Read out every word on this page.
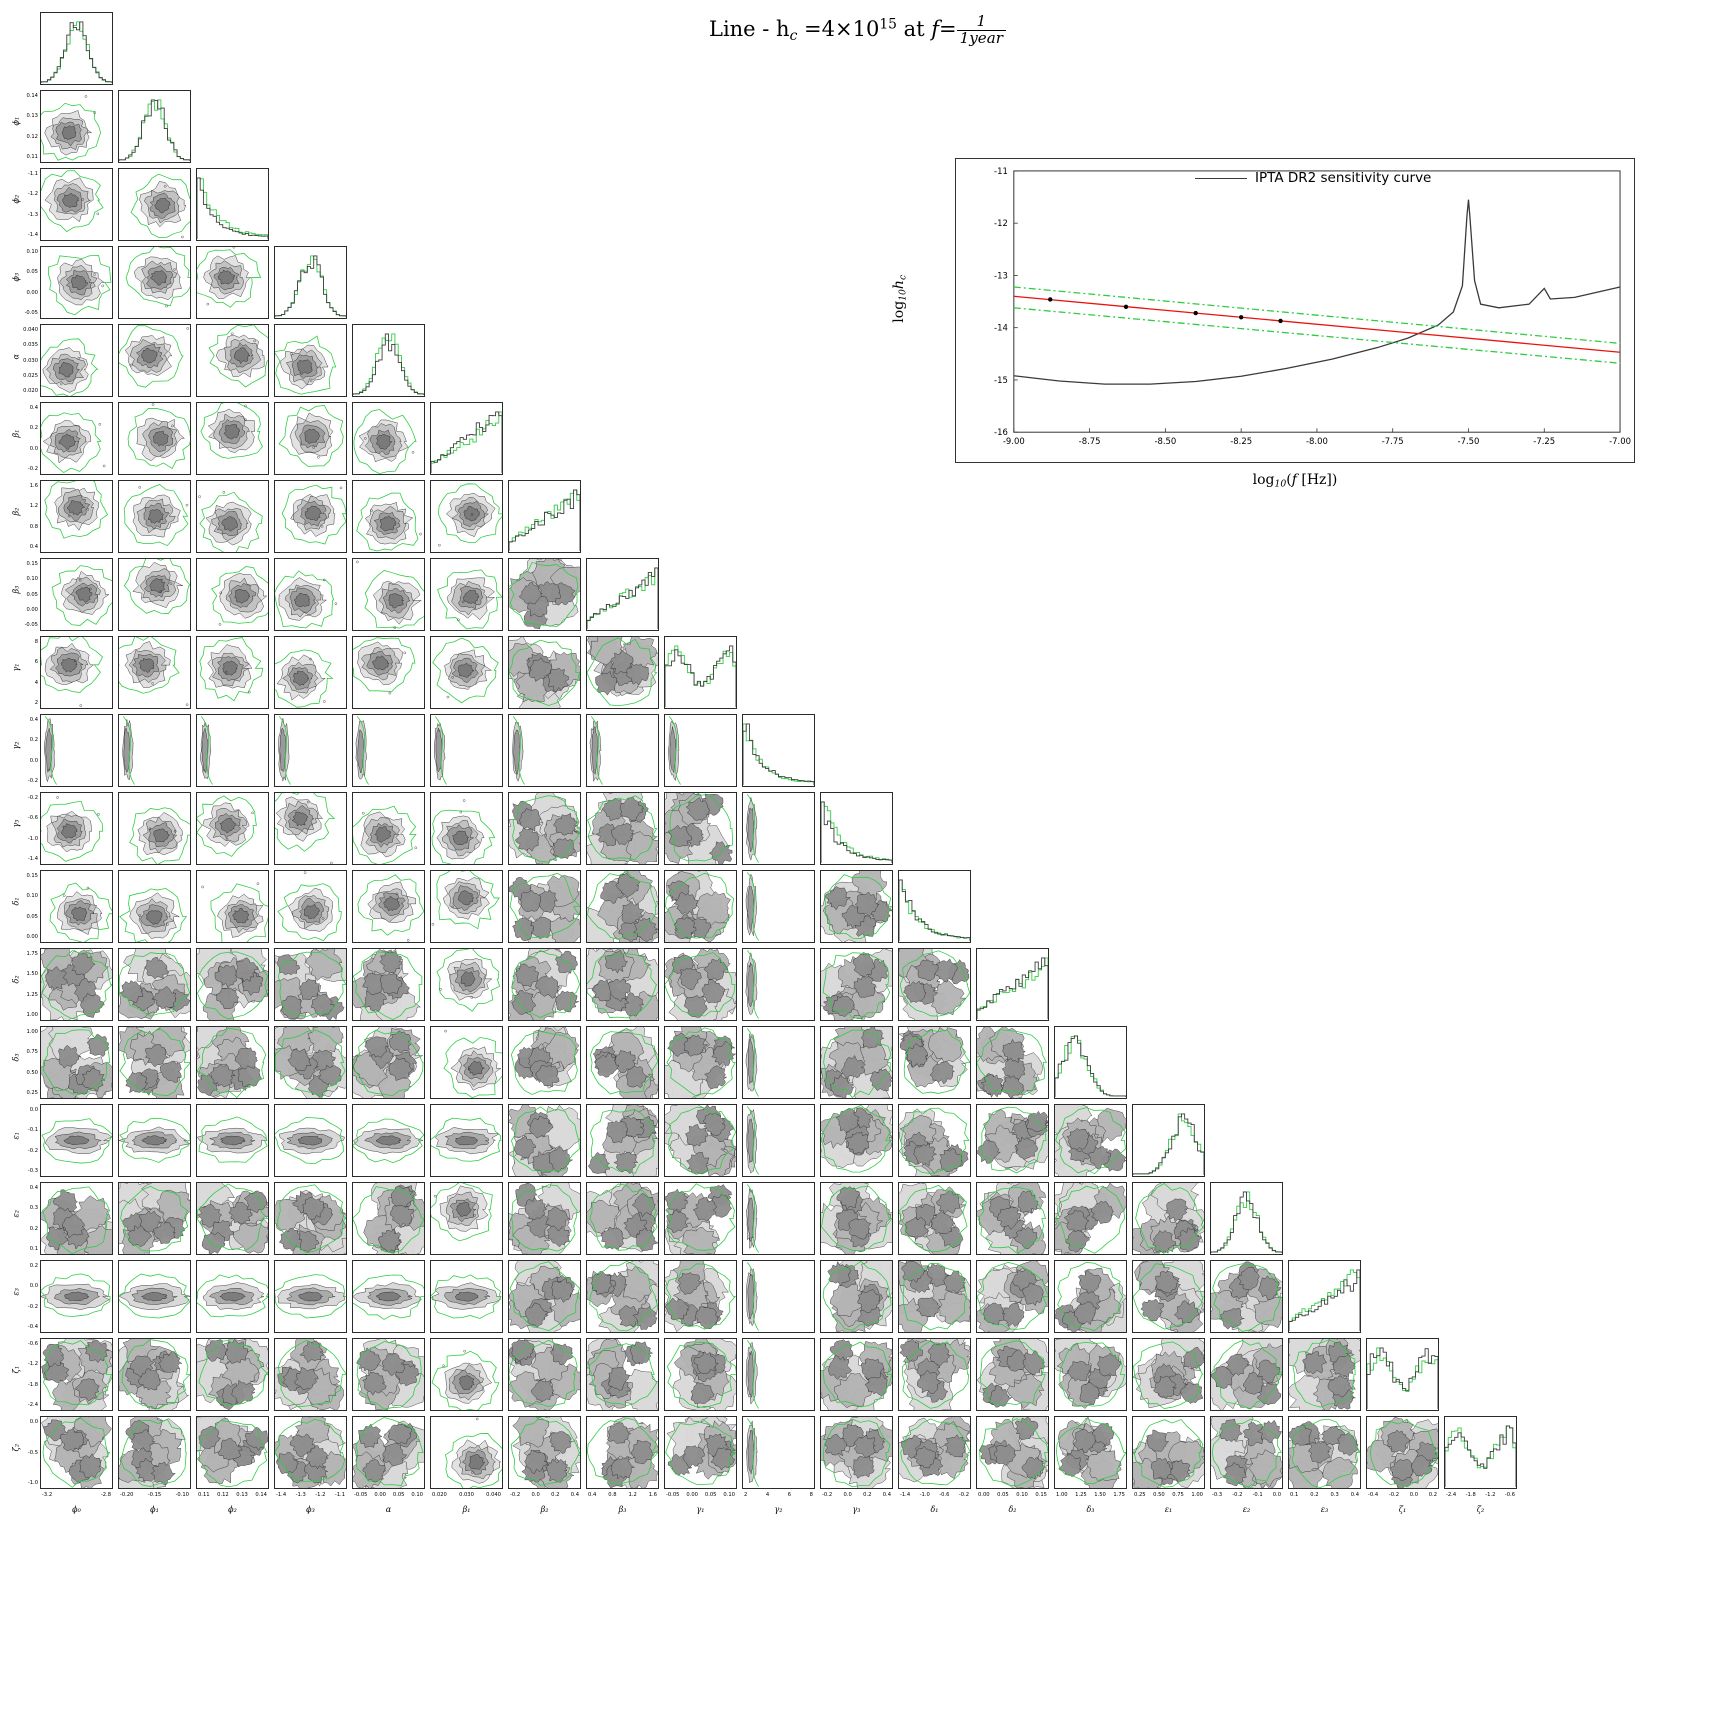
Line - $h_c =4\times 10^{15}$ at $f= \frac{1}{\text{1year}}$
ϕ₀
-3.2	-2.8
ϕ₁
-0.20	-0.15	-0.10
ϕ₂
0.11 0.12 0.13 0.14
ϕ₃
-1.4 -1.3 -1.2 -1.1
α
-0.05 0.00 0.05 0.10
β₁
0.020 0.030 0.040
β₂
-0.2 0.0 0.2 0.4
β₃
0.4 0.8 1.2 1.6
γ₁
-0.05 0.00 0.05 0.10
γ₂
2	4	6	8
γ₃
-0.2 0.0 0.2 0.4
δ₁
-1.4 -1.0 -0.6 -0.2
δ₂
0.00 0.05 0.10 0.15
δ₃
1.00 1.25 1.50 1.75
ε₁
0.25 0.50 0.75 1.00
ε₂
-0.3 -0.2 -0.1 0.0
ε₃
0.1 0.2 0.3 0.4
ζ₁
-0.4 -0.2 0.0 0.2
ζ₂
-2.4 -1.8 -1.2 -0.6
ϕ₁
0.11
0.12
0.13
0.14
ϕ₂
-1.4
-1.3
-1.2
-1.1
ϕ₃
-0.05
0.00
0.05
0.10
α
0.020
0.025
0.030
0.035
0.040
β₁
-0.2
0.0
0.2
0.4
β₂
0.4
0.8
1.2
1.6
β₃
-0.05
0.00
0.05
0.10
0.15
γ₁
2
4
6
8
γ₂
-0.2
0.0
0.2
0.4
γ₃
-1.4
-1.0
-0.6
-0.2
δ₁
0.00
0.05
0.10
0.15
δ₂
1.00
1.25
1.50
1.75
δ₃
0.25
0.50
0.75
1.00
ε₁
-0.3
-0.2
-0.1
0.0
ε₂
0.1
0.2
0.3
0.4
ε₃
-0.4
-0.2
0.0
0.2
ζ₁
-2.4
-1.8
-1.2
-0.6
ζ₂
-1.0
-0.5
0.0
-9.00	-8.75	-8.50	-8.25	-8.00	-7.75	-7.50	-7.25	-7.00
-16
-15
-14
-13
-12
-11	IPTA DR2 sensitivity curve
$\log_{10}(f$ [Hz])
$\log_{10}h_c$
